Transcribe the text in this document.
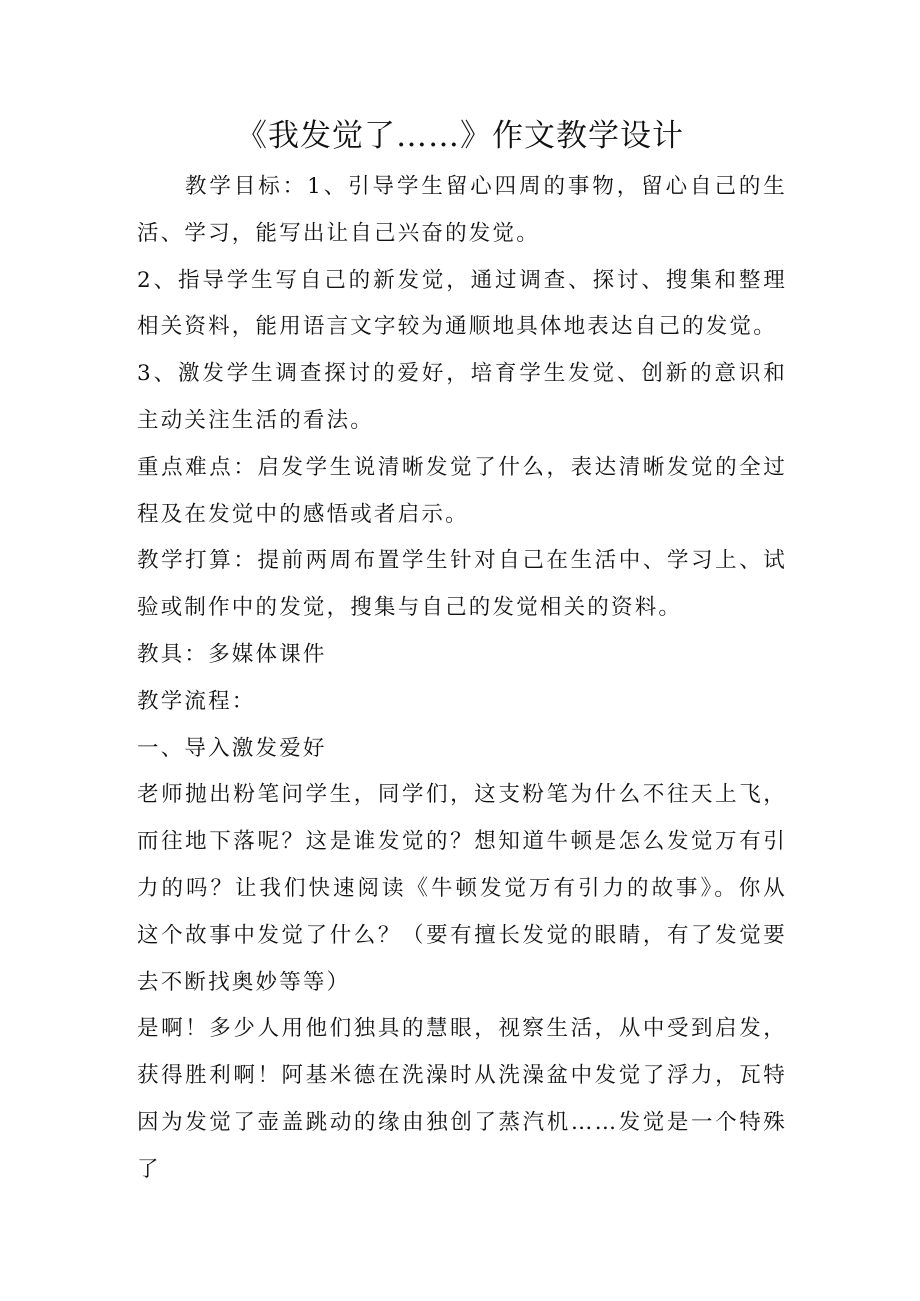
《我发觉了……》作文教学设计

教学目标：1、引导学生留心四周的事物，留心自己的生活、学习，能写出让自己兴奋的发觉。

2、指导学生写自己的新发觉，通过调查、探讨、搜集和整理相关资料，能用语言文字较为通顺地具体地表达自己的发觉。

3、激发学生调查探讨的爱好，培育学生发觉、创新的意识和主动关注生活的看法。

重点难点：启发学生说清晰发觉了什么，表达清晰发觉的全过程及在发觉中的感悟或者启示。

教学打算：提前两周布置学生针对自己在生活中、学习上、试验或制作中的发觉，搜集与自己的发觉相关的资料。

教具：多媒体课件

教学流程：

一、导入激发爱好

老师抛出粉笔问学生，同学们，这支粉笔为什么不往天上飞，而往地下落呢？这是谁发觉的？想知道牛顿是怎么发觉万有引力的吗？让我们快速阅读《牛顿发觉万有引力的故事》。你从这个故事中发觉了什么？（要有擅长发觉的眼睛，有了发觉要去不断找奥妙等等）

是啊！多少人用他们独具的慧眼，视察生活，从中受到启发，获得胜利啊！阿基米德在洗澡时从洗澡盆中发觉了浮力，瓦特因为发觉了壶盖跳动的缘由独创了蒸汽机……发觉是一个特殊了
